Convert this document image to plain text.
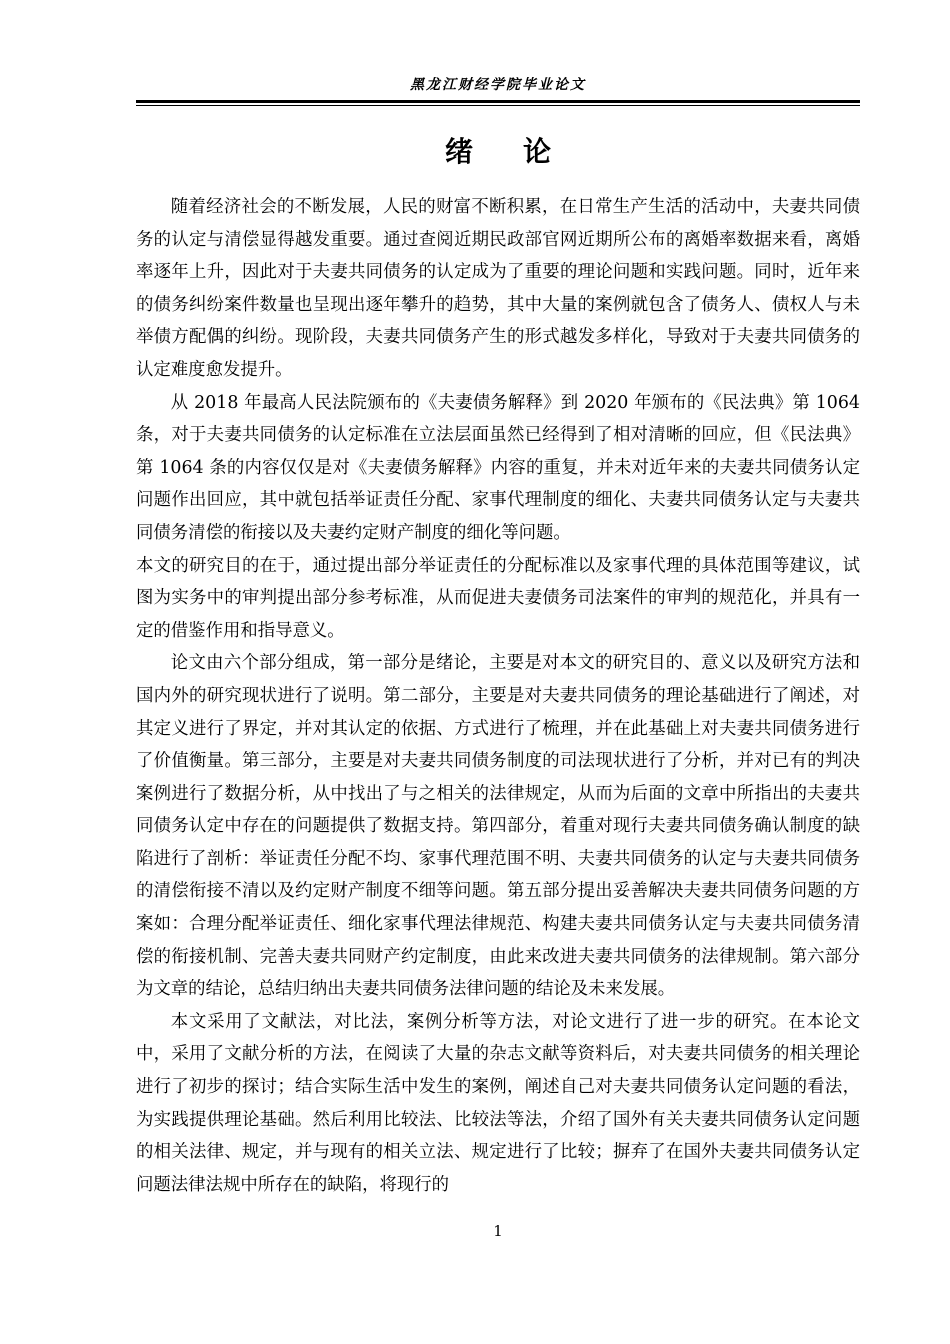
黑龙江财经学院毕业论文
绪论

随着经济社会的不断发展，人民的财富不断积累，在日常生产生活的活动中，夫妻共同债务的认定与清偿显得越发重要。通过查阅近期民政部官网近期所公布的离婚率数据来看，离婚率逐年上升，因此对于夫妻共同债务的认定成为了重要的理论问题和实践问题。同时，近年来的债务纠纷案件数量也呈现出逐年攀升的趋势，其中大量的案例就包含了债务人、债权人与未举债方配偶的纠纷。现阶段，夫妻共同债务产生的形式越发多样化，导致对于夫妻共同债务的认定难度愈发提升。

从 2018 年最高人民法院颁布的《夫妻债务解释》到 2020 年颁布的《民法典》第 1064 条，对于夫妻共同债务的认定标准在立法层面虽然已经得到了相对清晰的回应，但《民法典》第 1064 条的内容仅仅是对《夫妻债务解释》内容的重复，并未对近年来的夫妻共同债务认定问题作出回应，其中就包括举证责任分配、家事代理制度的细化、夫妻共同债务认定与夫妻共同债务清偿的衔接以及夫妻约定财产制度的细化等问题。
本文的研究目的在于，通过提出部分举证责任的分配标准以及家事代理的具体范围等建议，试图为实务中的审判提出部分参考标准，从而促进夫妻债务司法案件的审判的规范化，并具有一定的借鉴作用和指导意义。

论文由六个部分组成，第一部分是绪论，主要是对本文的研究目的、意义以及研究方法和国内外的研究现状进行了说明。第二部分，主要是对夫妻共同债务的理论基础进行了阐述，对其定义进行了界定，并对其认定的依据、方式进行了梳理，并在此基础上对夫妻共同债务进行了价值衡量。第三部分，主要是对夫妻共同债务制度的司法现状进行了分析，并对已有的判决案例进行了数据分析，从中找出了与之相关的法律规定，从而为后面的文章中所指出的夫妻共同债务认定中存在的问题提供了数据支持。第四部分，着重对现行夫妻共同债务确认制度的缺陷进行了剖析：举证责任分配不均、家事代理范围不明、夫妻共同债务的认定与夫妻共同债务的清偿衔接不清以及约定财产制度不细等问题。第五部分提出妥善解决夫妻共同债务问题的方案如：合理分配举证责任、细化家事代理法律规范、构建夫妻共同债务认定与夫妻共同债务清偿的衔接机制、完善夫妻共同财产约定制度，由此来改进夫妻共同债务的法律规制。第六部分为文章的结论，总结归纳出夫妻共同债务法律问题的结论及未来发展。

本文采用了文献法，对比法，案例分析等方法，对论文进行了进一步的研究。在本论文中，采用了文献分析的方法，在阅读了大量的杂志文献等资料后，对夫妻共同债务的相关理论进行了初步的探讨；结合实际生活中发生的案例，阐述自己对夫妻共同债务认定问题的看法，为实践提供理论基础。然后利用比较法、比较法等法，介绍了国外有关夫妻共同债务认定问题的相关法律、规定，并与现有的相关立法、规定进行了比较；摒弃了在国外夫妻共同债务认定问题法律法规中所存在的缺陷，将现行的

1
